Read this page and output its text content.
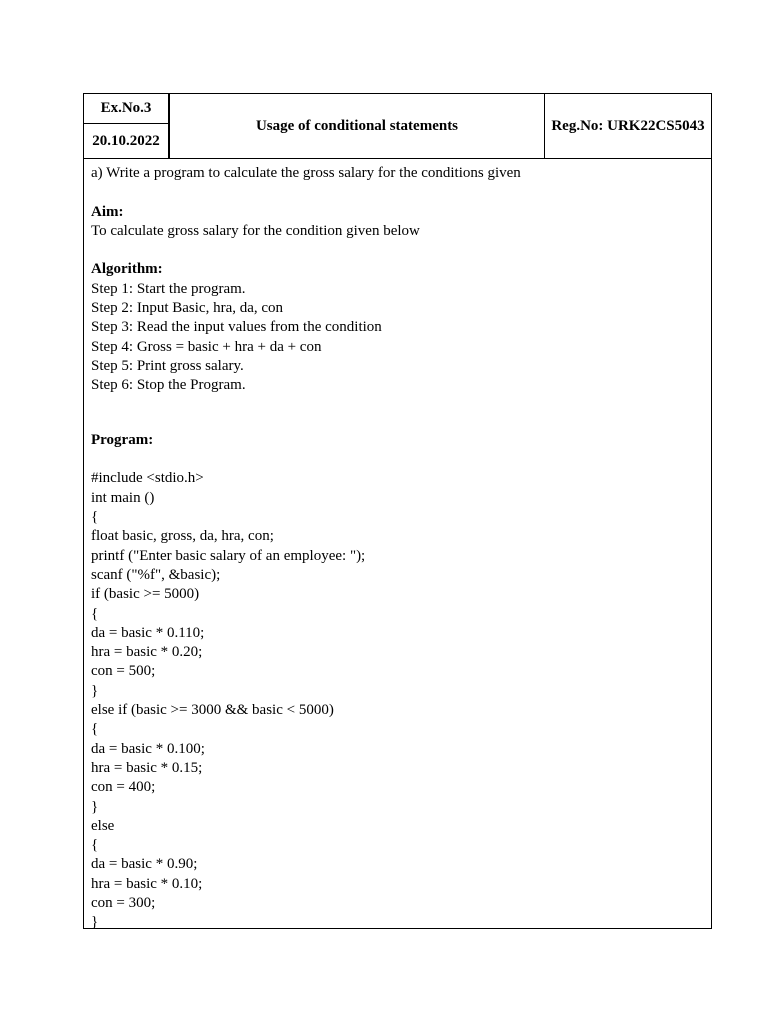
Ex.No.3
20.10.2022
Usage of conditional statements	Reg.No: URK22CS5043
a) Write a program to calculate the gross salary for the conditions given
Aim:
To calculate gross salary for the condition given below
Algorithm:
Step 1: Start the program.
Step 2: Input Basic, hra, da, con
Step 3: Read the input values from the condition
Step 4: Gross = basic + hra + da + con
Step 5: Print gross salary.
Step 6: Stop the Program.
Program:
#include <stdio.h>
int main ()
{
float basic, gross, da, hra, con;
printf ("Enter basic salary of an employee: ");
scanf ("%f", &basic);
if (basic >= 5000)
{
da = basic * 0.110;
hra = basic * 0.20;
con = 500;
}
else if (basic >= 3000 && basic < 5000)
{
da = basic * 0.100;
hra = basic * 0.15;
con = 400;
}
else
{
da = basic * 0.90;
hra = basic * 0.10;
con = 300;
}
